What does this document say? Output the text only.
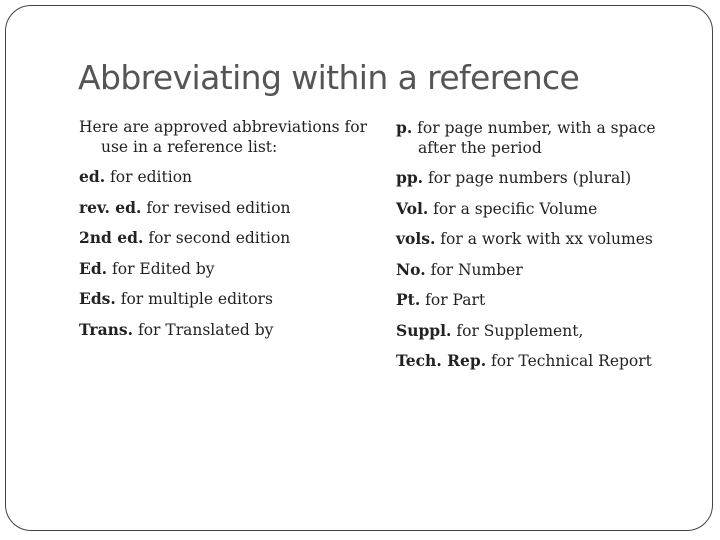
Abbreviating within a reference

Here are approved abbreviations for use in a reference list:

ed. for edition

rev. ed. for revised edition

2nd ed. for second edition

Ed. for Edited by

Eds. for multiple editors

Trans. for Translated by

p. for page number, with a space after the period

pp. for page numbers (plural)

Vol. for a specific Volume

vols. for a work with xx volumes

No. for Number

Pt. for Part

Suppl. for Supplement,

Tech. Rep. for Technical Report
